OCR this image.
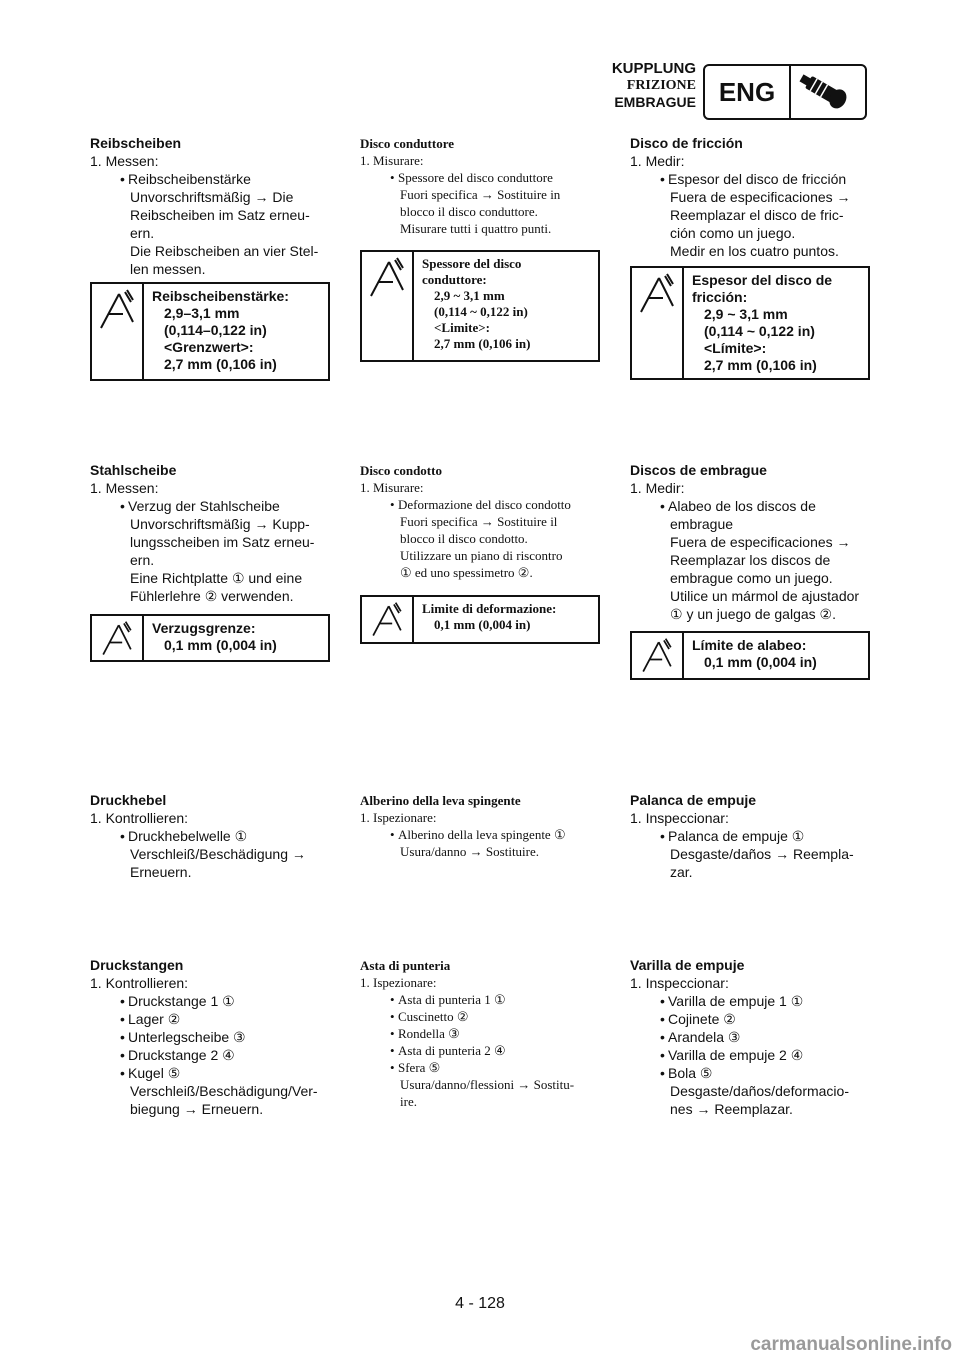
KUPPLUNG
FRIZIONE
EMBRAGUE ENG
Reibscheiben
1. Messen:
• Reibscheibenstärke
Unvorschriftsmäßig → Die
Reibscheiben im Satz erneu-
ern.
Die Reibscheiben an vier Stel-
len messen.
Reibscheibenstärke:
2,9–3,1 mm
(0,114–0,122 in)
<Grenzwert>:
2,7 mm (0,106 in)
Stahlscheibe
1. Messen:
• Verzug der Stahlscheibe
Unvorschriftsmäßig → Kupp-
lungsscheiben im Satz erneu-
ern.
Eine Richtplatte ① und eine
Fühlerlehre ② verwenden.
Verzugsgrenze:
0,1 mm (0,004 in)
Druckhebel
1. Kontrollieren:
• Druckhebelwelle ①
Verschleiß/Beschädigung →
Erneuern.
Druckstangen
1. Kontrollieren:
• Druckstange 1 ①
• Lager ②
• Unterlegscheibe ③
• Druckstange 2 ④
• Kugel ⑤
Verschleiß/Beschädigung/Ver-
biegung → Erneuern.
Disco conduttore
1. Misurare:
• Spessore del disco conduttore
Fuori specifica → Sostituire in
blocco il disco conduttore.
Misurare tutti i quattro punti.
Spessore del disco
conduttore:
2,9 ~ 3,1 mm
(0,114 ~ 0,122 in)
<Limite>:
2,7 mm (0,106 in)
Disco condotto
1. Misurare:
• Deformazione del disco condotto
Fuori specifica → Sostituire il
blocco il disco condotto.
Utilizzare un piano di riscontro
① ed uno spessimetro ②.
Limite di deformazione:
0,1 mm (0,004 in)
Alberino della leva spingente
1. Ispezionare:
• Alberino della leva spingente ①
Usura/danno → Sostituire.
Asta di punteria
1. Ispezionare:
• Asta di punteria 1 ①
• Cuscinetto ②
• Rondella ③
• Asta di punteria 2 ④
• Sfera ⑤
Usura/danno/flessioni → Sostitu-
ire.
Disco de fricción
1. Medir:
• Espesor del disco de fricción
Fuera de especificaciones →
Reemplazar el disco de fric-
ción como un juego.
Medir en los cuatro puntos.
Espesor del disco de
fricción:
2,9 ~ 3,1 mm
(0,114 ~ 0,122 in)
<Límite>:
2,7 mm (0,106 in)
Discos de embrague
1. Medir:
• Alabeo de los discos de
embrague
Fuera de especificaciones →
Reemplazar los discos de
embrague como un juego.
Utilice un mármol de ajustador
① y un juego de galgas ②.
Límite de alabeo:
0,1 mm (0,004 in)
Palanca de empuje
1. Inspeccionar:
• Palanca de empuje ①
Desgaste/daños → Reempla-
zar.
Varilla de empuje
1. Inspeccionar:
• Varilla de empuje 1 ①
• Cojinete ②
• Arandela ③
• Varilla de empuje 2 ④
• Bola ⑤
Desgaste/daños/deformacio-
nes → Reemplazar.
4 - 128
carmanualsonline.info
